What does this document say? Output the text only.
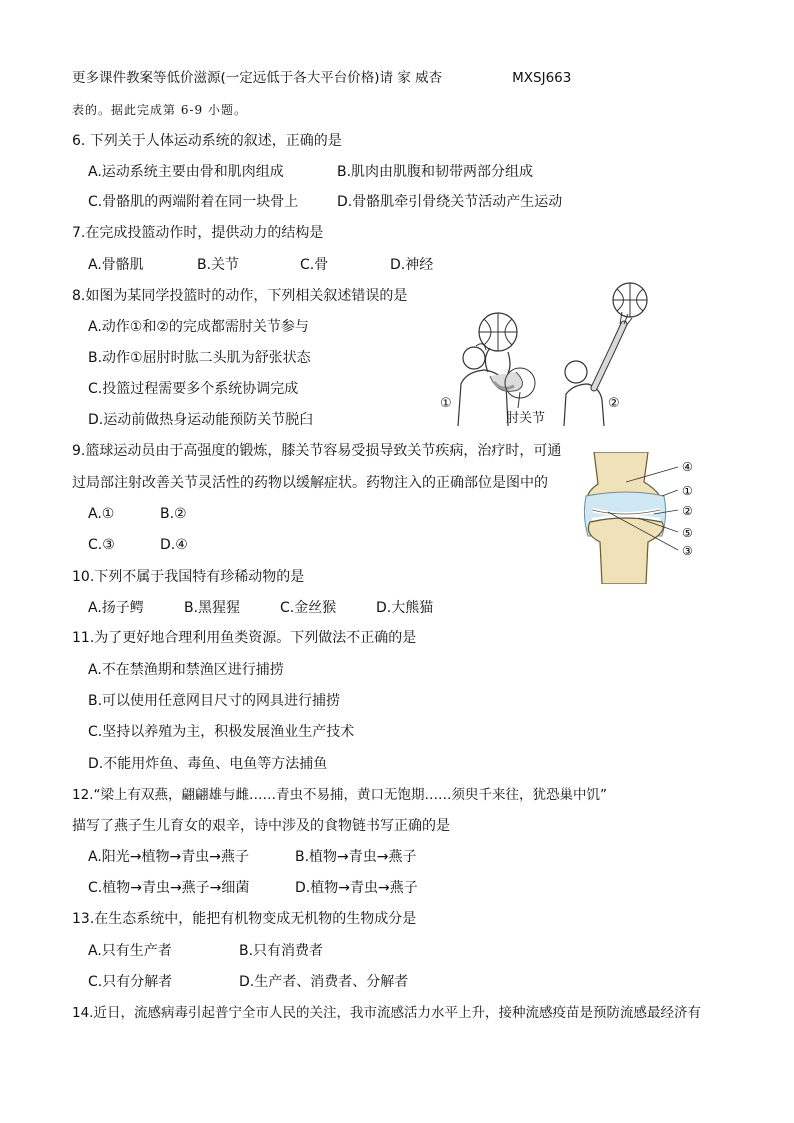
更多课件教案等低价滋源(一定远低于各大平台价格)请 家 威杏	MXSJ663
表的。据此完成第 6-9 小题。
6. 下列关于人体运动系统的叙述，正确的是
A.运动系统主要由骨和肌肉组成	B.肌肉由肌腹和韧带两部分组成
C.骨骼肌的两端附着在同一块骨上	D.骨骼肌牵引骨绕关节活动产生运动
7.在完成投篮动作时，提供动力的结构是
A.骨骼肌	B.关节	C.骨	D.神经
8.如图为某同学投篮时的动作，下列相关叙述错误的是
A.动作①和②的完成都需肘关节参与
B.动作①屈肘时肱二头肌为舒张状态
C.投篮过程需要多个系统协调完成
D.运动前做热身运动能预防关节脱臼
①	②
肘关节
9.篮球运动员由于高强度的锻炼，膝关节容易受损导致关节疾病，治疗时，可通
过局部注射改善关节灵活性的药物以缓解症状。药物注入的正确部位是图中的
A.①	B.②
C.③	D.④
④
①
②
⑤
③
10.下列不属于我国特有珍稀动物的是
A.扬子鳄	B.黑猩猩	C.金丝猴	D.大熊猫
11.为了更好地合理利用鱼类资源。下列做法不正确的是
A.不在禁渔期和禁渔区进行捕捞
B.可以使用任意网目尺寸的网具进行捕捞
C.坚持以养殖为主，积极发展渔业生产技术
D.不能用炸鱼、毒鱼、电鱼等方法捕鱼
12.“梁上有双燕，翩翩雄与雌……青虫不易捕，黄口无饱期……须臾千来往，犹恐巢中饥”
描写了燕子生儿育女的艰辛，诗中涉及的食物链书写正确的是
A.阳光→植物→青虫→燕子	B.植物→青虫→燕子
C.植物→青虫→燕子→细菌	D.植物→青虫→燕子
13.在生态系统中，能把有机物变成无机物的生物成分是
A.只有生产者	B.只有消费者
C.只有分解者	D.生产者、消费者、分解者
14.近日，流感病毒引起普宁全市人民的关注，我市流感活力水平上升，接种流感疫苗是预防流感最经济有
